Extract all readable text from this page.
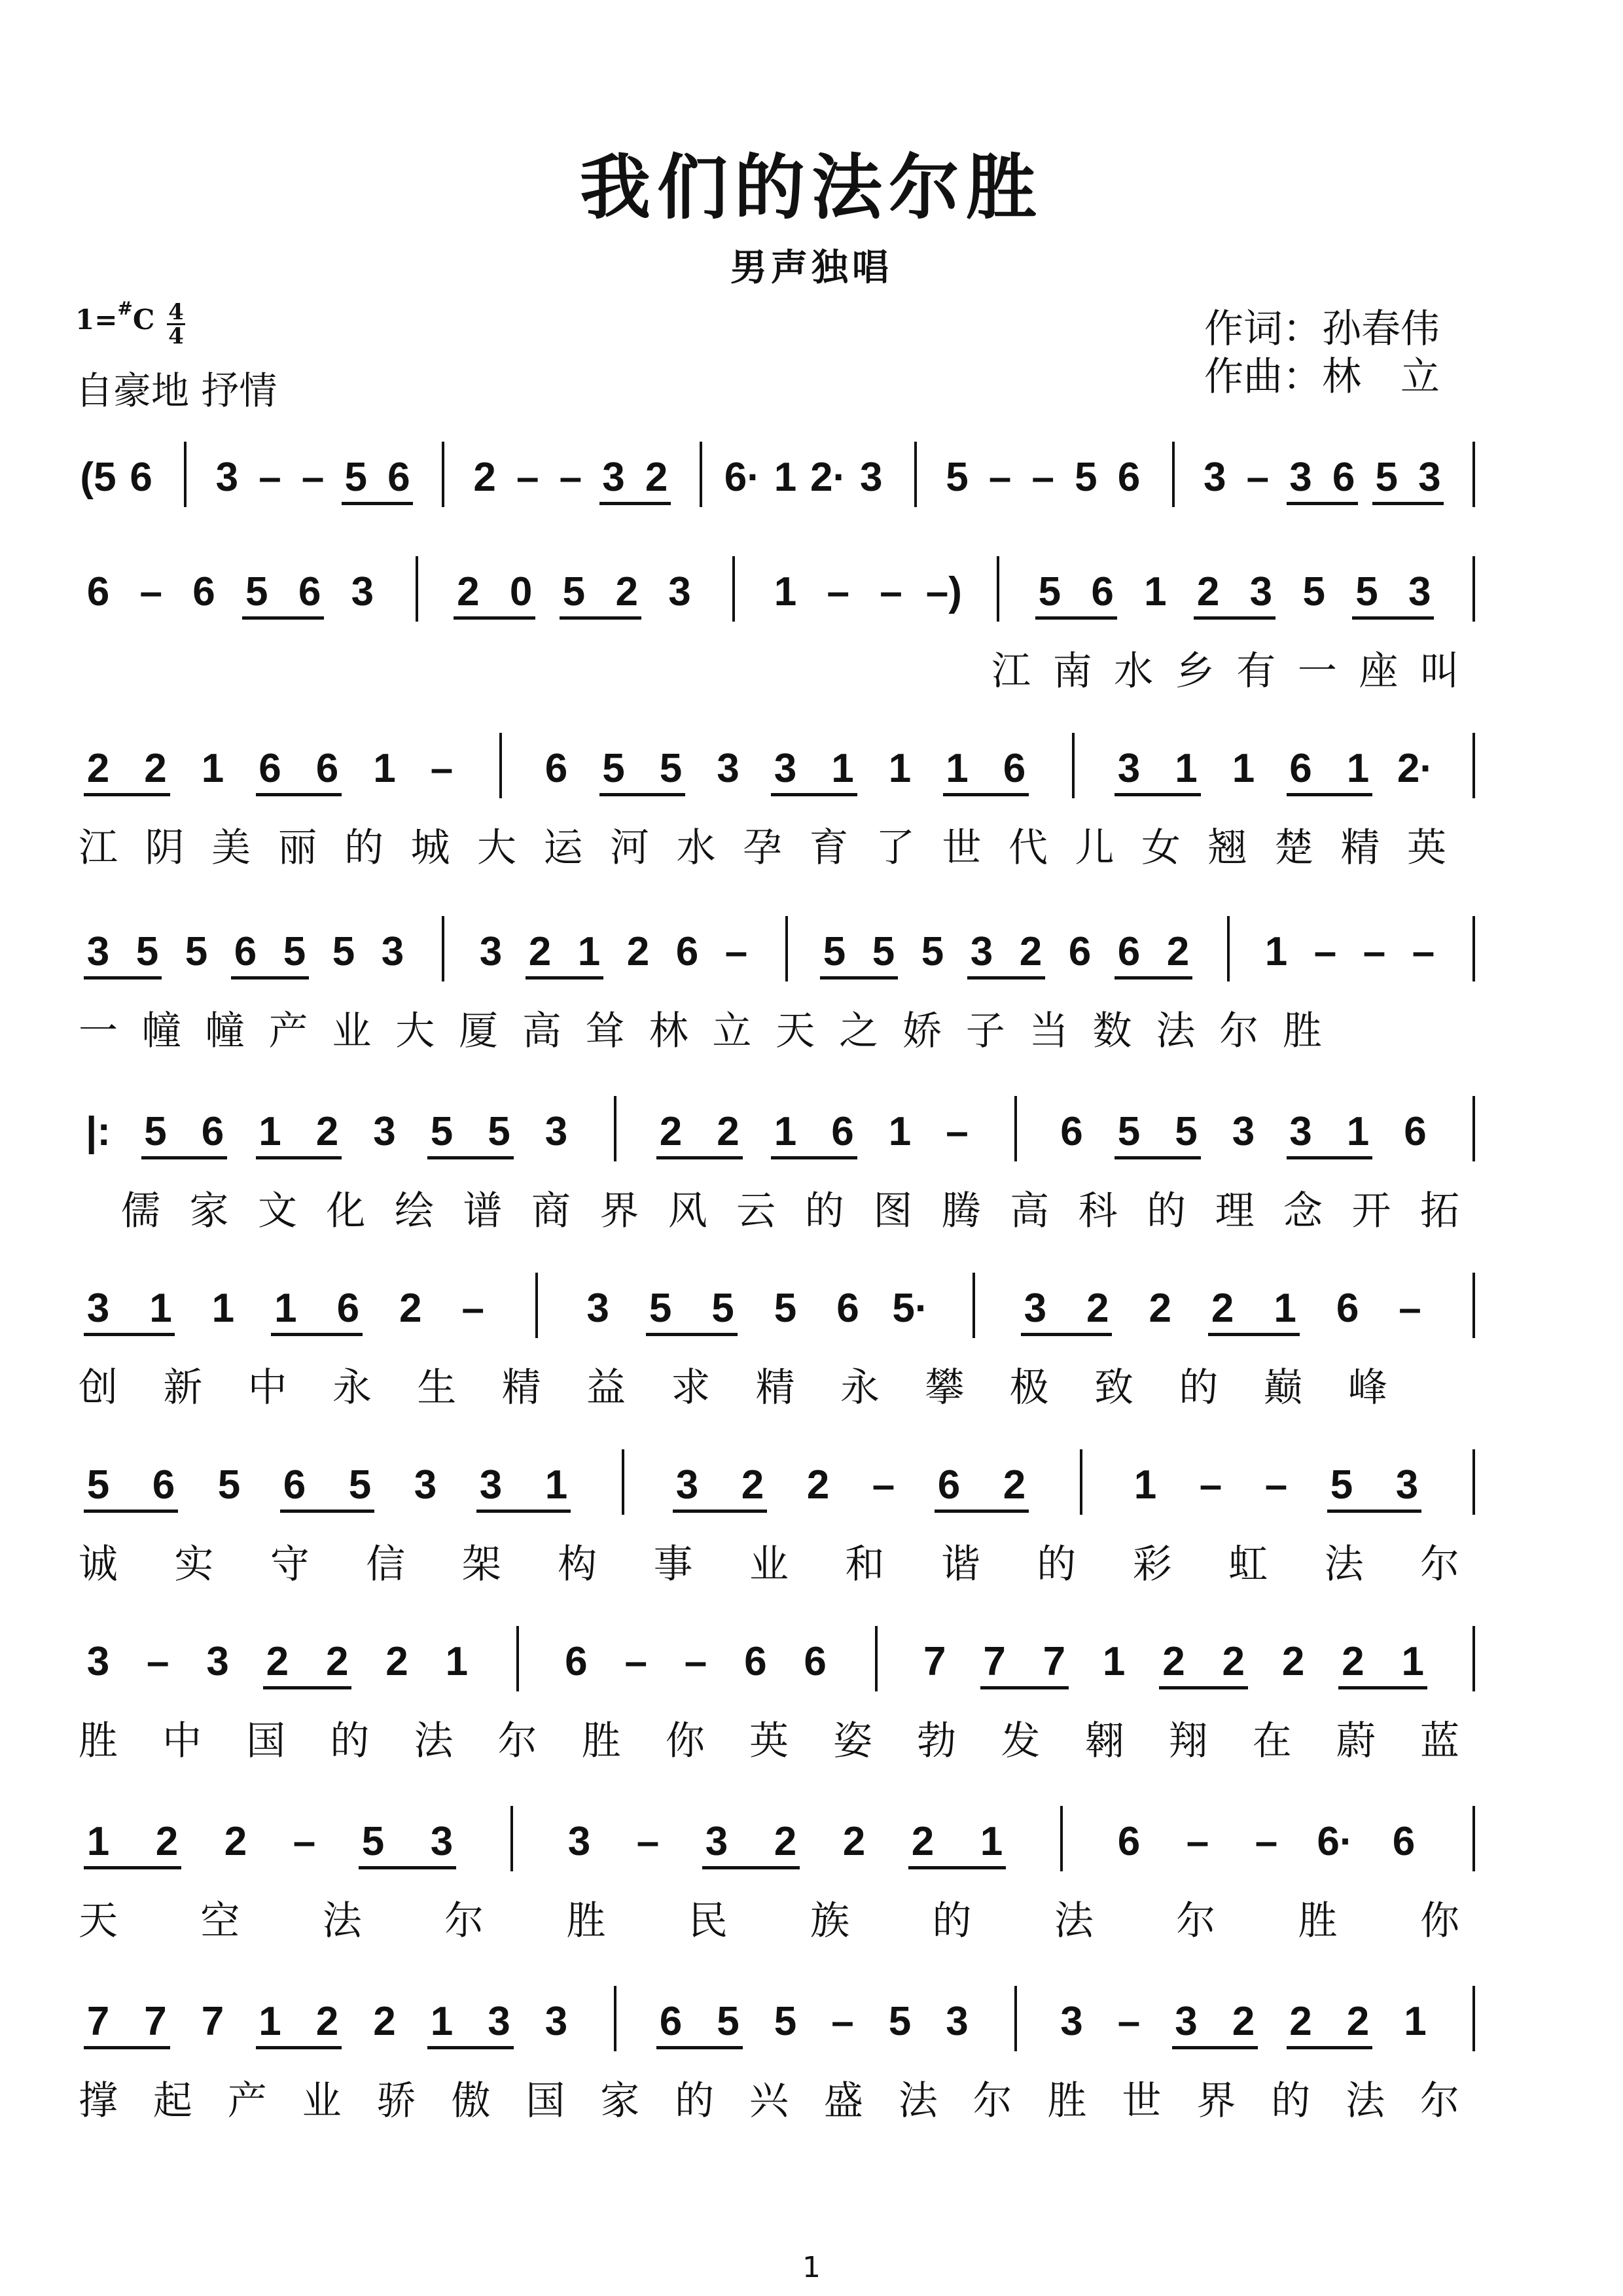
我们的法尔胜
男声独唱
1=#C 4
4
自豪地 抒情
作词：孙春伟
作曲：林　立
(5 6 3 – – 5 6 2 – – 3 2 6· 1 2· 3 5 – – 5 6 3 – 3 6 5 3
6 – 6 5 6 3 2 0 5 2 3 1 – – –) 5 6 1 2 3 5 5 3
江 南 水 乡 有 一 座 叫
2 2 1 6 6 1 – 6 5 5 3 3 1 1 1 6 3 1 1 6 1 2·
江 阴 美 丽 的 城 大 运 河 水 孕 育 了 世 代 儿 女 翘 楚 精 英
3 5 5 6 5 5 3 3 2 1 2 6 – 5 5 5 3 2 6 6 2 1 – – –
一 幢 幢 产 业 大 厦 高 耸 林 立 天 之 娇 子 当 数 法 尔 胜
|: 5 6 1 2 3 5 5 3 2 2 1 6 1 – 6 5 5 3 3 1 6
儒 家 文 化 绘 谱 商 界 风 云 的 图 腾 高 科 的 理 念 开 拓
3 1 1 1 6 2 –	3 5 5 5 6 5· 3 2 2 2 1 6 –
创 新 中 永 生 精 益 求 精 永 攀 极 致 的 巅 峰
5 6 5 6 5 3 3 1	3 2 2 – 6 2	1 – – 5 3
诚 实 守 信 架 构 事 业 和 谐 的 彩 虹 法 尔
3 – 3 2 2 2 1 6 – – 6 6 7 7 7 1 2 2 2 2 1
胜 中 国 的 法 尔 胜 你 英 姿 勃 发 翱 翔 在 蔚 蓝
1 2 2 – 5 3	3 – 3 2 2 2 1	6 – – 6· 6
天 空 法 尔 胜 民 族 的 法 尔 胜 你
7 7 7 1 2 2 1 3 3 6 5 5 – 5 3 3 – 3 2 2 2 1
撑 起 产 业 骄 傲 国 家 的 兴 盛 法 尔 胜 世 界 的 法 尔
1
